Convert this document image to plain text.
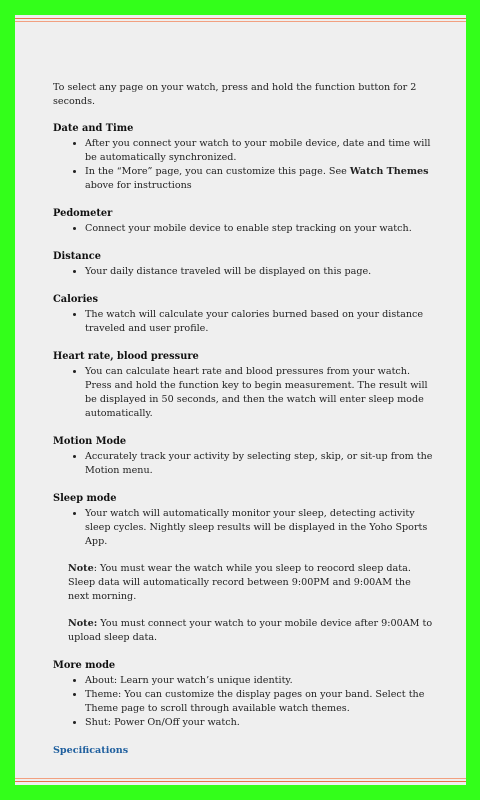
To select any page on your watch, press and hold the function button for 2 seconds.

Date and Time
• After you connect your watch to your mobile device, date and time will be automatically synchronized.
• In the “More” page, you can customize this page. See Watch Themes above for instructions
Pedometer
• Connect your mobile device to enable step tracking on your watch.
Distance
• Your daily distance traveled will be displayed on this page.
Calories
• The watch will calculate your calories burned based on your distance traveled and user profile.
Heart rate, blood pressure
• You can calculate heart rate and blood pressures from your watch. Press and hold the function key to begin measurement. The result will be displayed in 50 seconds, and then the watch will enter sleep mode automatically.
Motion Mode
• Accurately track your activity by selecting step, skip, or sit-up from the Motion menu.
Sleep mode
• Your watch will automatically monitor your sleep, detecting activity sleep cycles. Nightly sleep results will be displayed in the Yoho Sports App.

Note: You must wear the watch while you sleep to reocord sleep data. Sleep data will automatically record between 9:00PM and 9:00AM the next morning.

Note: You must connect your watch to your mobile device after 9:00AM to upload sleep data.

More mode
• About: Learn your watch’s unique identity.
• Theme: You can customize the display pages on your band. Select the Theme page to scroll through available watch themes.
• Shut: Power On/Off your watch.
Specifications
